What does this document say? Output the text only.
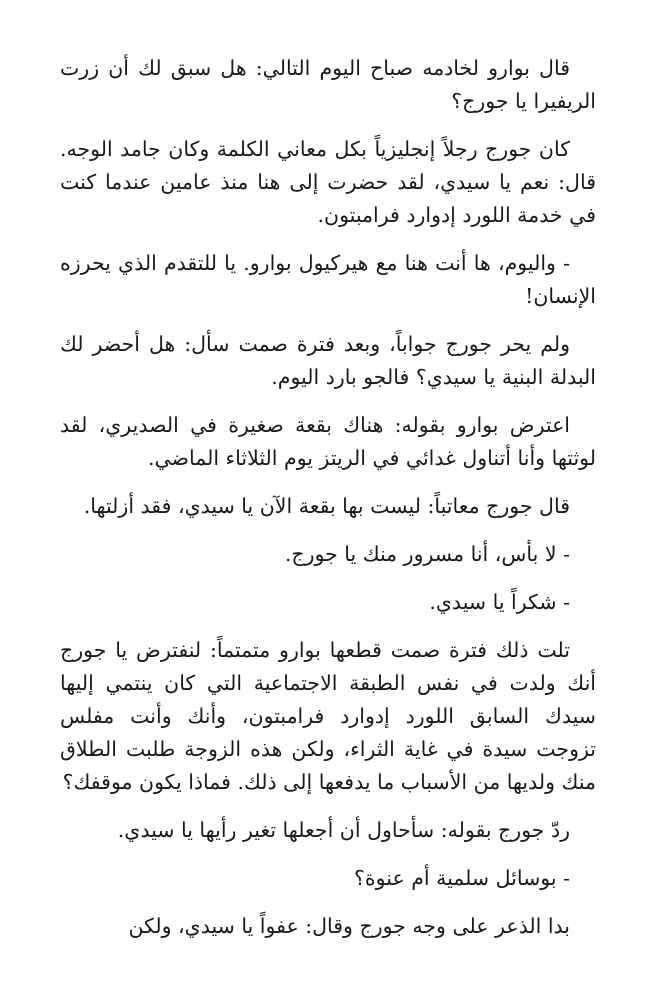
قال بوارو لخادمه صباح اليوم التالي: هل سبق لك أن زرت الريفيرا يا جورج؟

كان جورج رجلاً إنجليزياً بكل معاني الكلمة وكان جامد الوجه. قال: نعم يا سيدي، لقد حضرت إلى هنا منذ عامين عندما كنت في خدمة اللورد إدوارد فرامبتون.

- واليوم، ها أنت هنا مع هيركيول بوارو. يا للتقدم الذي يحرزه الإنسان!

ولم يحر جورج جواباً، وبعد فترة صمت سأل: هل أحضر لك البدلة البنية يا سيدي؟ فالجو بارد اليوم.

اعترض بوارو بقوله: هناك بقعة صغيرة في الصديري، لقد لوثتها وأنا أتناول غدائي في الريتز يوم الثلاثاء الماضي.

قال جورج معاتباً: ليست بها بقعة الآن يا سيدي، فقد أزلتها.

- لا بأس، أنا مسرور منك يا جورج.

- شكراً يا سيدي.

تلت ذلك فترة صمت قطعها بوارو متمتماً: لنفترض يا جورج أنك ولدت في نفس الطبقة الاجتماعية التي كان ينتمي إليها سيدك السابق اللورد إدوارد فرامبتون، وأنك وأنت مفلس تزوجت سيدة في غاية الثراء، ولكن هذه الزوجة طلبت الطلاق منك ولديها من الأسباب ما يدفعها إلى ذلك. فماذا يكون موقفك؟

ردّ جورج بقوله: سأحاول أن أجعلها تغير رأيها يا سيدي.

- بوسائل سلمية أم عنوة؟

بدا الذعر على وجه جورج وقال: عفواً يا سيدي، ولكن
